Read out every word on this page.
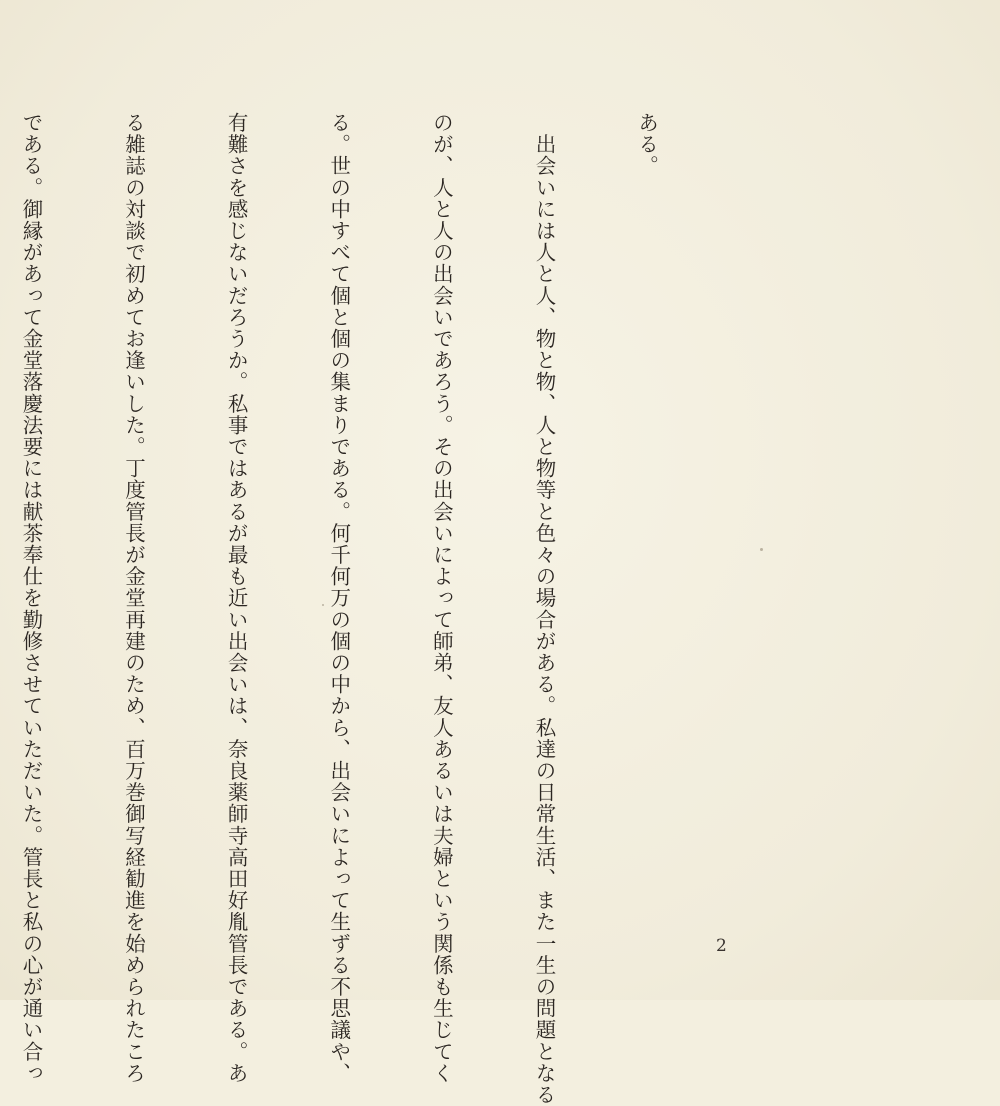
ある。

　出会いには人と人、物と物、人と物等と色々の場合がある。私達の日常生活、また一生の問題となる

のが、人と人の出会いであろう。その出会いによって師弟、友人あるいは夫婦という関係も生じてく

る。世の中すべて個と個の集まりである。何千何万の個の中から、出会いによって生ずる不思議や、

有難さを感じないだろうか。私事ではあるが最も近い出会いは、奈良薬師寺高田好胤管長である。あ

る雑誌の対談で初めてお逢いした。丁度管長が金堂再建のため、百万巻御写経勧進を始められたころ

である。御縁があって金堂落慶法要には献茶奉仕を勤修させていただいた。管長と私の心が通い合っ

	2
